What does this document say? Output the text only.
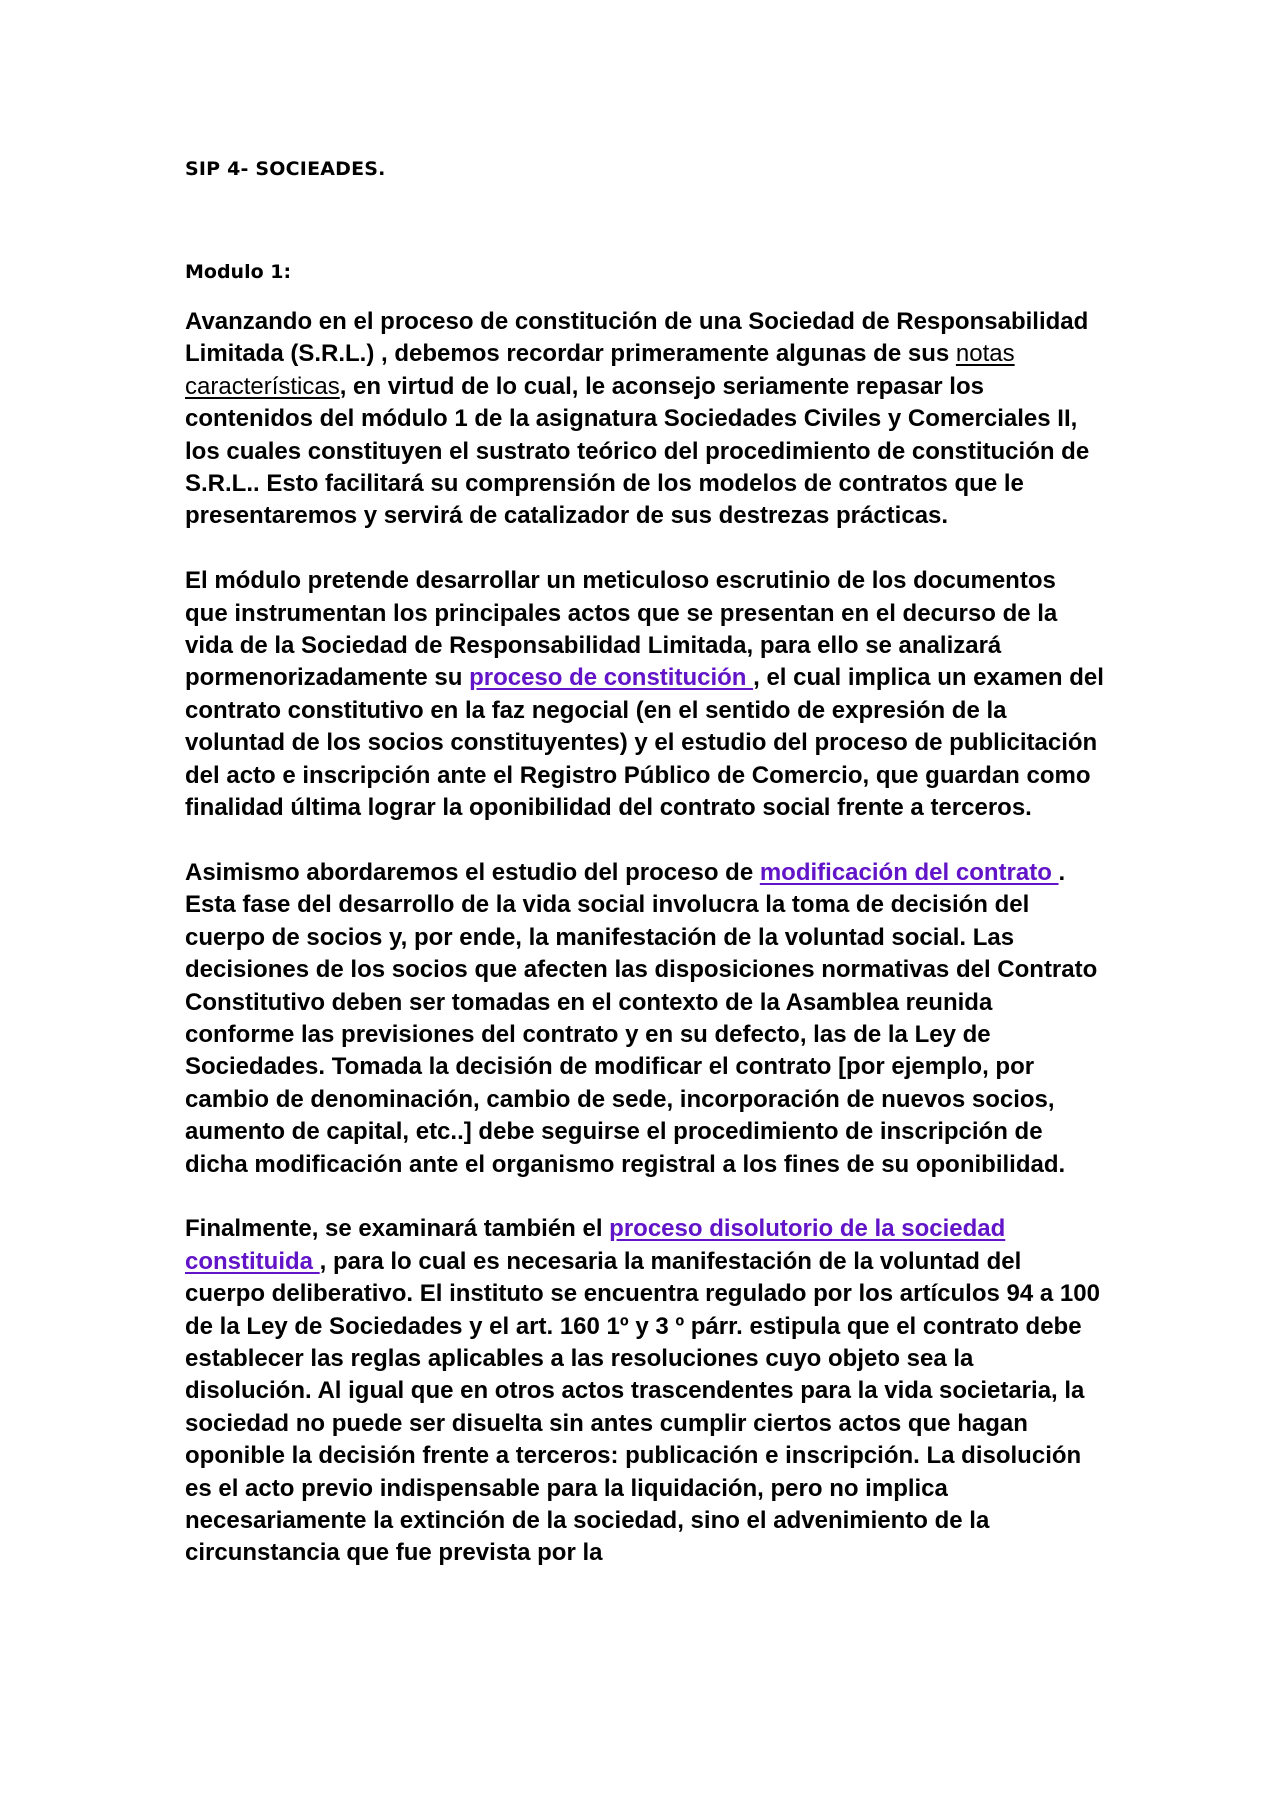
SIP 4- SOCIEADES.
Modulo 1:

Avanzando en el proceso de constitución de una Sociedad de Responsabilidad Limitada (S.R.L.) , debemos recordar primeramente algunas de sus notas características, en virtud de lo cual, le aconsejo seriamente repasar los contenidos del módulo 1 de la asignatura Sociedades Civiles y Comerciales II, los cuales constituyen el sustrato teórico del procedimiento de constitución de S.R.L.. Esto facilitará su comprensión de los modelos de contratos que le presentaremos y servirá de catalizador de sus destrezas prácticas.

El módulo pretende desarrollar un meticuloso escrutinio de los documentos que instrumentan los principales actos que se presentan en el decurso de la vida de la Sociedad de Responsabilidad Limitada, para ello se analizará pormenorizadamente su proceso de constitución , el cual implica un examen del contrato constitutivo en la faz negocial (en el sentido de expresión de la voluntad de los socios constituyentes) y el estudio del proceso de publicitación del acto e inscripción ante el Registro Público de Comercio, que guardan como finalidad última lograr la oponibilidad del contrato social frente a terceros.

Asimismo abordaremos el estudio del proceso de modificación del contrato . Esta fase del desarrollo de la vida social involucra la toma de decisión del cuerpo de socios y, por ende, la manifestación de la voluntad social. Las decisiones de los socios que afecten las disposiciones normativas del Contrato Constitutivo deben ser tomadas en el contexto de la Asamblea reunida conforme las previsiones del contrato y en su defecto, las de la Ley de Sociedades. Tomada la decisión de modificar el contrato [por ejemplo, por cambio de denominación, cambio de sede, incorporación de nuevos socios, aumento de capital, etc..] debe seguirse el procedimiento de inscripción de dicha modificación ante el organismo registral a los fines de su oponibilidad.

Finalmente, se examinará también el proceso disolutorio de la sociedad constituida , para lo cual es necesaria la manifestación de la voluntad del cuerpo deliberativo. El instituto se encuentra regulado por los artículos 94 a 100 de la Ley de Sociedades y el art. 160 1º y 3 º párr. estipula que el contrato debe establecer las reglas aplicables a las resoluciones cuyo objeto sea la disolución. Al igual que en otros actos trascendentes para la vida societaria, la sociedad no puede ser disuelta sin antes cumplir ciertos actos que hagan oponible la decisión frente a terceros: publicación e inscripción. La disolución es el acto previo indispensable para la liquidación, pero no implica necesariamente la extinción de la sociedad, sino el advenimiento de la circunstancia que fue prevista por la
